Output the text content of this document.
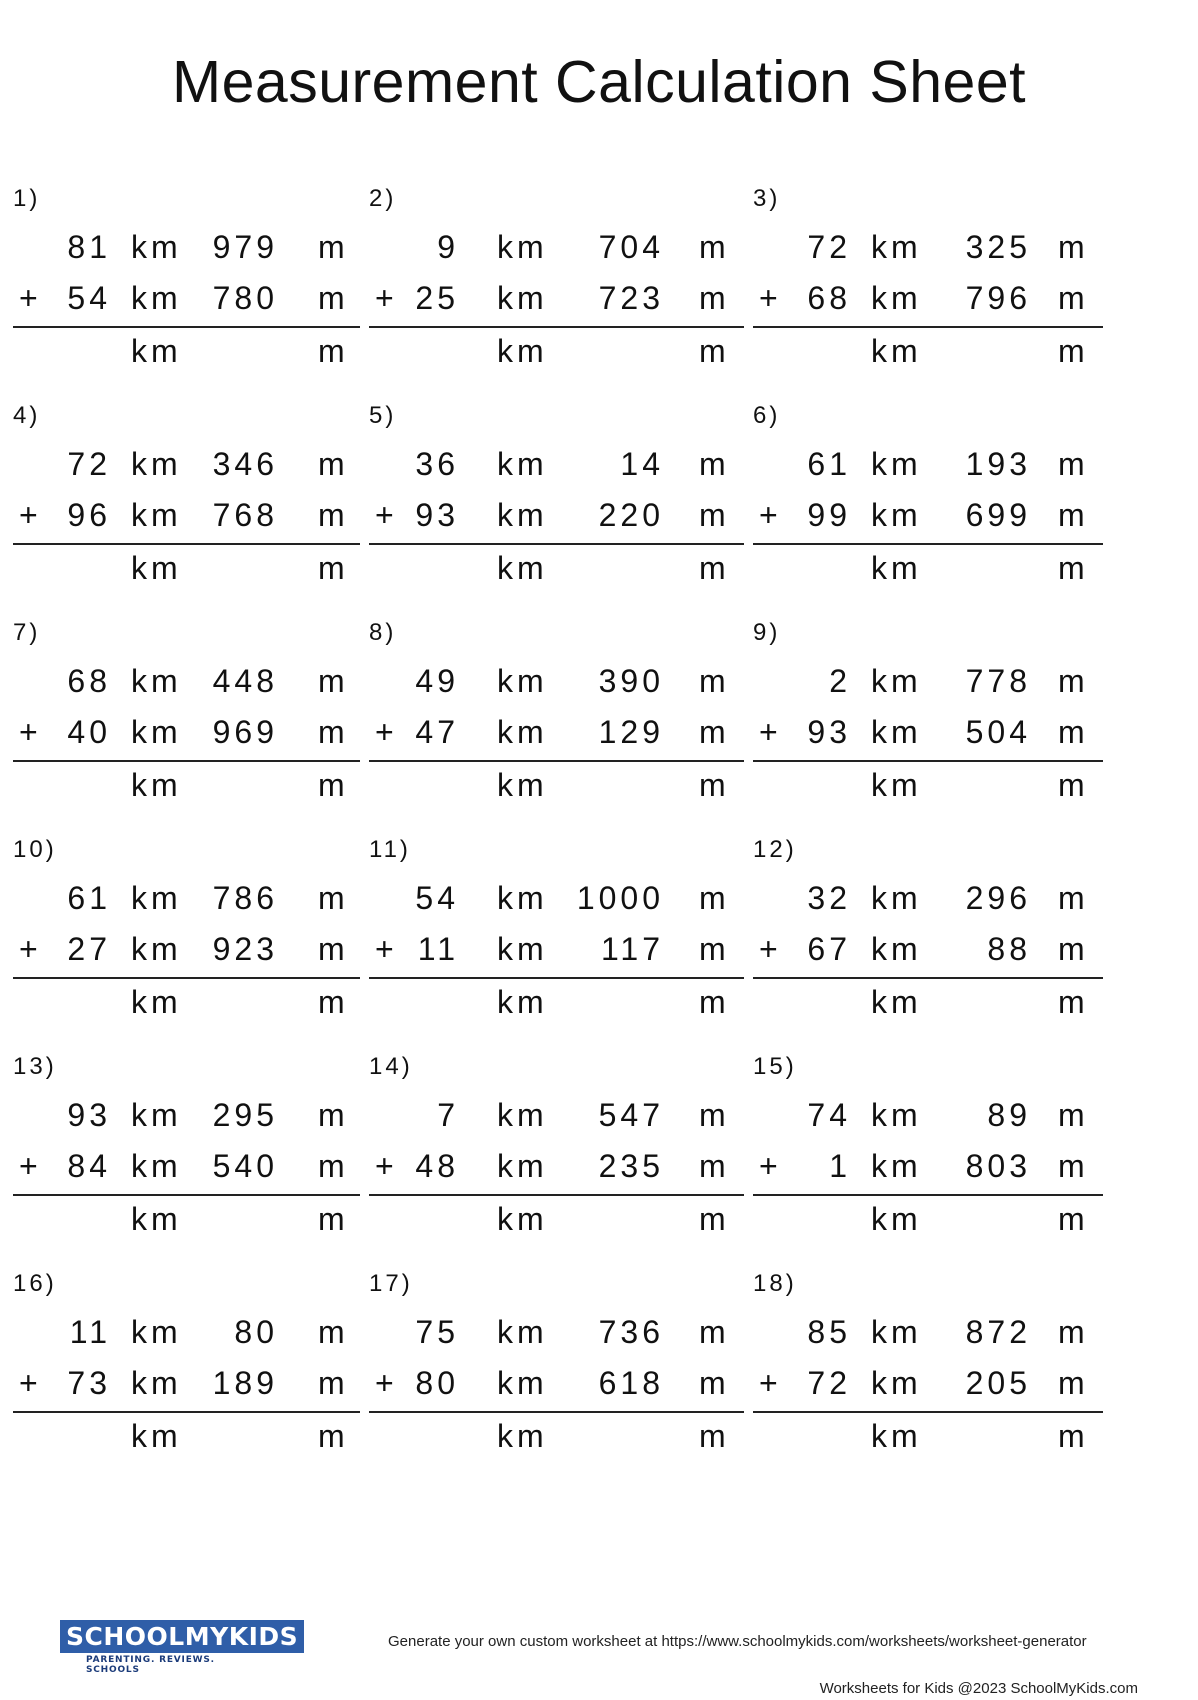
Measurement Calculation Sheet
1)
81 km 979 m
+ 54 km 780 m
km	m
2)
9 km	704 m
+ 25 km	723 m
km	m
3)
72 km	325 m
+ 68 km	796 m
km	m
4)
72 km 346 m
+ 96 km 768 m
km	m
5)
36 km	14 m
+ 93 km	220 m
km	m
6)
61 km	193 m
+ 99 km	699 m
km	m
7)
68 km 448 m
+ 40 km 969 m
km	m
8)
49 km	390 m
+ 47 km	129 m
km	m
9)
2 km	778 m
+ 93 km	504 m
km	m
10)
61 km 786 m
+ 27 km 923 m
km	m
11)
54 km 1000 m
+ 11 km	117 m
km	m
12)
32 km	296 m
+ 67 km	88 m
km	m
13)
93 km 295 m
+ 84 km 540 m
km	m
14)
7 km	547 m
+ 48 km	235 m
km	m
15)
74 km	89 m
+	1 km	803 m
km	m
16)
11 km	80 m
+ 73 km 189 m
km	m
17)
75 km	736 m
+ 80 km	618 m
km	m
18)
85 km	872 m
+ 72 km	205 m
km	m
SCHOOLMYKIDS
PARENTING. REVIEWS. SCHOOLS
Generate your own custom worksheet at https://www.schoolmykids.com/worksheets/worksheet-generator
Worksheets for Kids @2023 SchoolMyKids.com
